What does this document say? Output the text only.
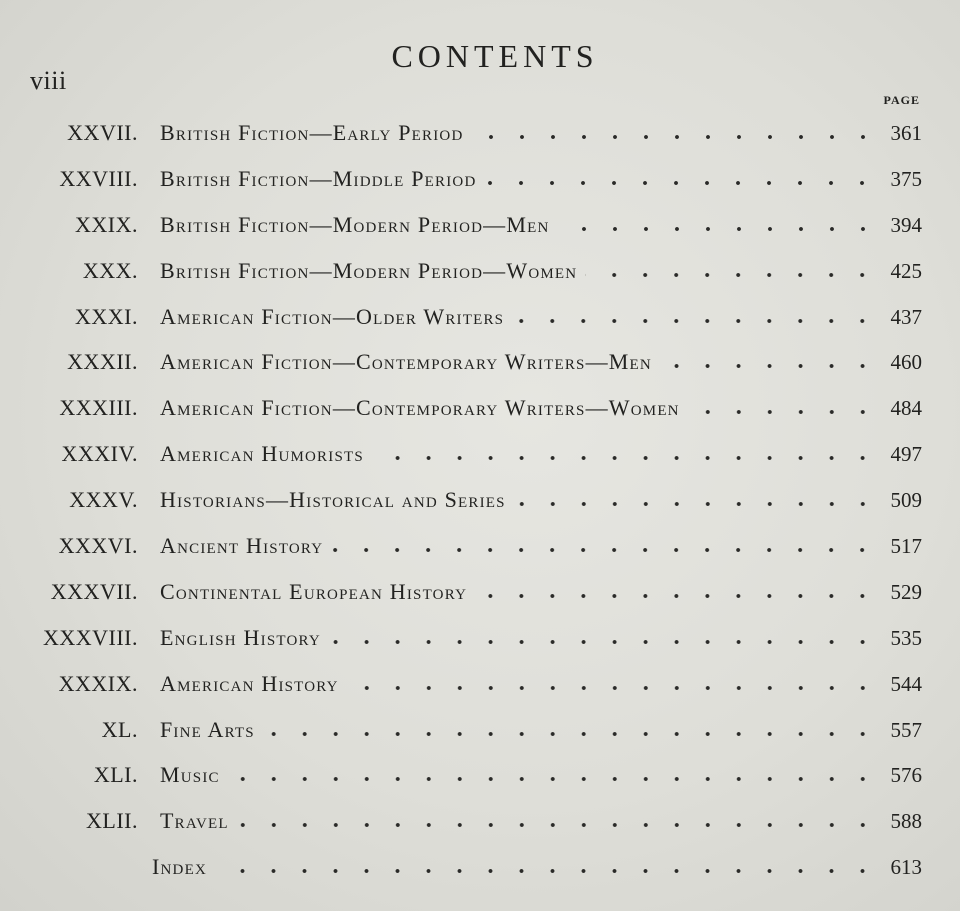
viii
CONTENTS
PAGE
XXVII. British Fiction—Early Period	361
XXVIII. British Fiction—Middle Period	375
XXIX. British Fiction—Modern Period—Men	394
XXX. British Fiction—Modern Period—Women	425
XXXI. American Fiction—Older Writers	437
XXXII. American Fiction—Contemporary Writers—Men	460
XXXIII. American Fiction—Contemporary Writers—Women	484
XXXIV. American Humorists	497
XXXV. Historians—Historical and Series	509
XXXVI. Ancient History	517
XXXVII. Continental European History	529
XXXVIII. English History	535
XXXIX. American History	544
XL. Fine Arts	557
XLI. Music	576
XLII. Travel	588
Index	613
